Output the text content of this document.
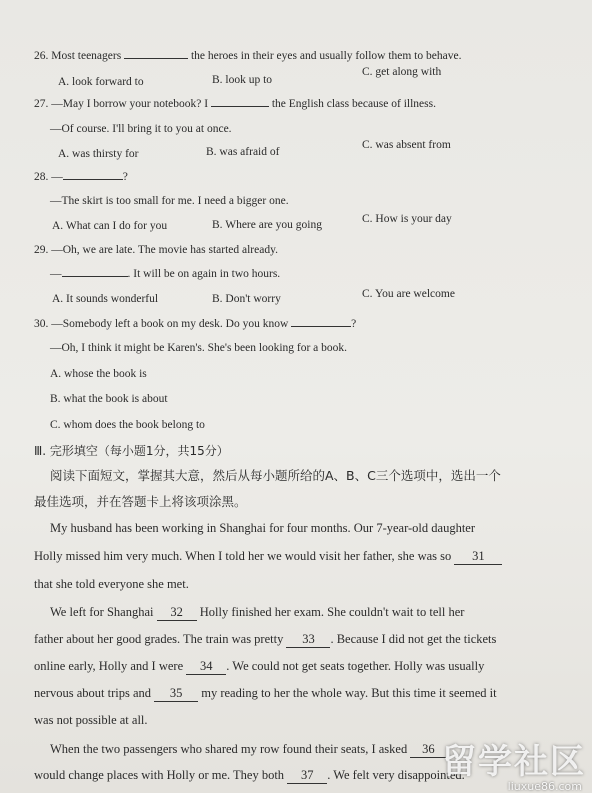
26. Most teenagers	the heroes in their eyes and usually follow them to behave.
A. look forward to	B. look up to
C. get along with
27. —May I borrow your notebook? I	the English class because of illness.
—Of course. I'll bring it to you at once.
A. was thirsty for	B. was afraid of
C. was absent from
28. —	?
—The skirt is too small for me. I need a bigger one.
A. What can I do for you	B. Where are you going	C. How is your day
29. —Oh, we are late. The movie has started already.
—	. It will be on again in two hours.
A. It sounds wonderful	B. Don't worry	C. You are welcome
30. —Somebody left a book on my desk. Do you know	?
—Oh, I think it might be Karen's. She's been looking for a book.
A. whose the book is
B. what the book is about
C. whom does the book belong to
Ⅲ. 完形填空（每小题1分，共15分）
阅读下面短文，掌握其大意，然后从每小题所给的A、B、C三个选项中，选出一个
最佳选项，并在答题卡上将该项涂黑。
My husband has been working in Shanghai for four months. Our 7-year-old daughter
Holly missed him very much. When I told her we would visit her father, she was so 31
that she told everyone she met.
We left for Shanghai 32 Holly finished her exam. She couldn't wait to tell her
father about her good grades. The train was pretty 33 . Because I did not get the tickets
online early, Holly and I were 34 . We could not get seats together. Holly was usually
nervous about trips and 35 my reading to her the whole way. But this time it seemed it
was not possible at all.
When the two passengers who shared my row found their seats, I asked 36
would change places with Holly or me. They both 37 . We felt very disappointed.
留学社区
liuxue86.com
